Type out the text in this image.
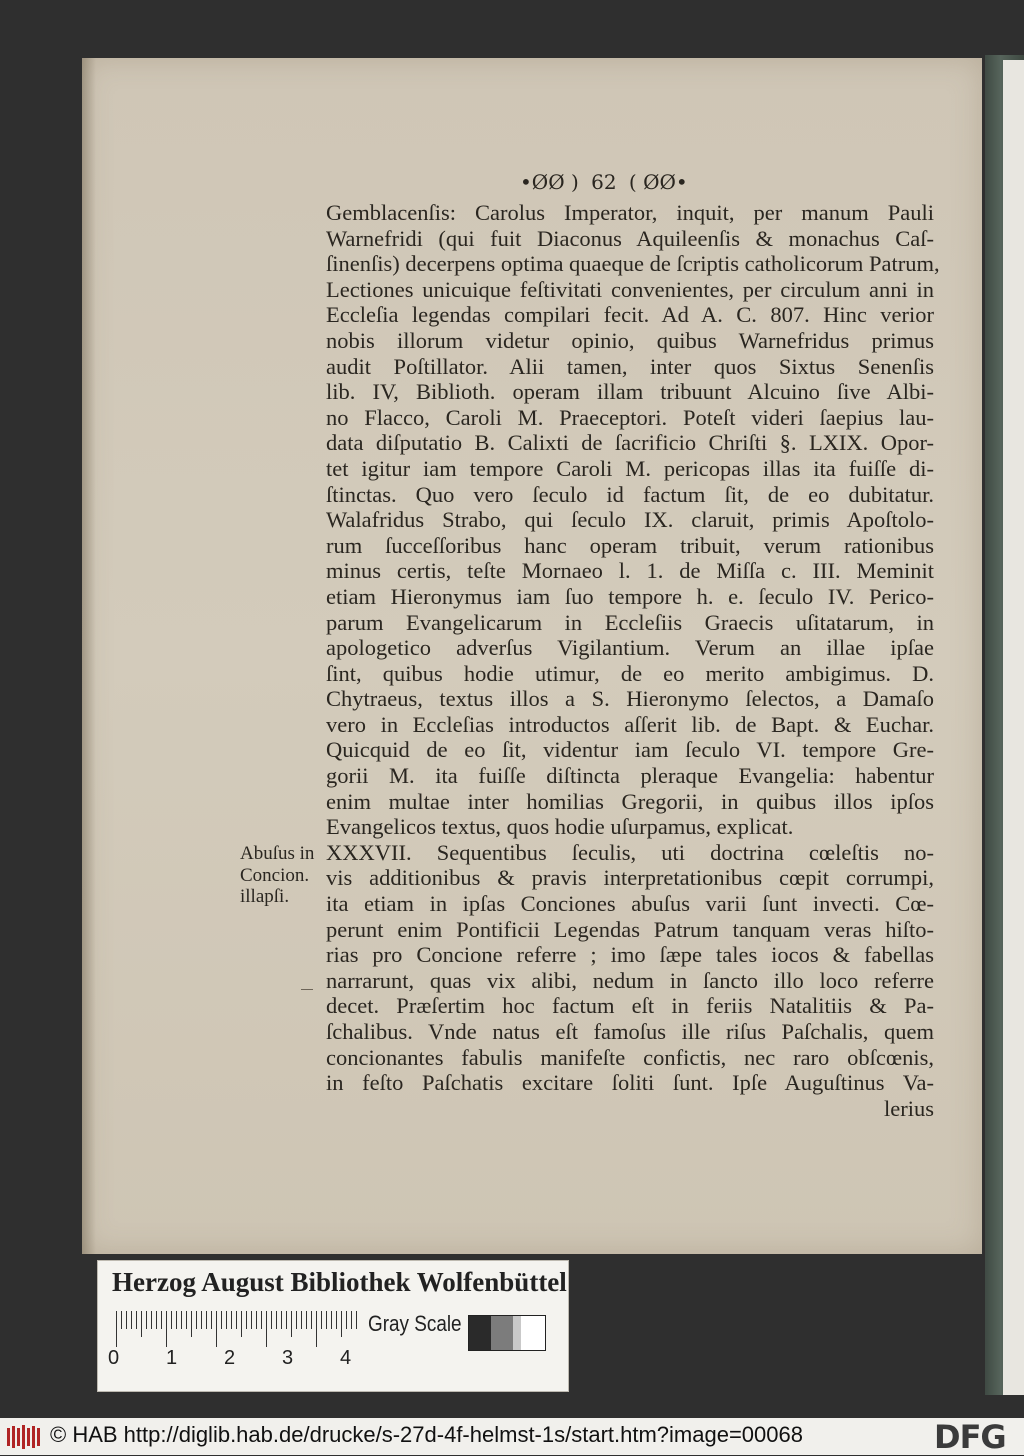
•ØØ ) 62 ( ØØ•
Gemblacenſis: Carolus Imperator, inquit, per manum Pauli
Warnefridi (qui fuit Diaconus Aquileenſis & monachus Caſ-
ſinenſis) decerpens optima quaeque de ſcriptis catholicorum Patrum,
Lectiones unicuique feſtivitati convenientes, per circulum anni in
Eccleſia legendas compilari fecit. Ad A. C. 807. Hinc verior
nobis illorum videtur opinio, quibus Warnefridus primus
audit Poſtillator. Alii tamen, inter quos Sixtus Senenſis
lib. IV, Biblioth. operam illam tribuunt Alcuino ſive Albi-
no Flacco, Caroli M. Praeceptori. Poteſt videri ſaepius lau-
data diſputatio B. Calixti de ſacrificio Chriſti §. LXIX. Opor-
tet igitur iam tempore Caroli M. pericopas illas ita fuiſſe di-
ſtinctas. Quo vero ſeculo id factum ſit, de eo dubitatur.
Walafridus Strabo, qui ſeculo IX. claruit, primis Apoſtolo-
rum ſucceſſoribus hanc operam tribuit, verum rationibus
minus certis, teſte Mornaeo l. 1. de Miſſa c. III. Meminit
etiam Hieronymus iam ſuo tempore h. e. ſeculo IV. Perico-
parum Evangelicarum in Eccleſiis Graecis uſitatarum, in
apologetico adverſus Vigilantium. Verum an illae ipſae
ſint, quibus hodie utimur, de eo merito ambigimus. D.
Chytraeus, textus illos a S. Hieronymo ſelectos, a Damaſo
vero in Eccleſias introductos aſſerit lib. de Bapt. & Euchar.
Quicquid de eo ſit, videntur iam ſeculo VI. tempore Gre-
gorii M. ita fuiſſe diſtincta pleraque Evangelia: habentur
enim multae inter homilias Gregorii, in quibus illos ipſos
Evangelicos textus, quos hodie uſurpamus, explicat.
XXXVII. Sequentibus ſeculis, uti doctrina cœleſtis no-
vis additionibus & pravis interpretationibus cœpit corrumpi,
ita etiam in ipſas Conciones abuſus varii ſunt invecti. Cœ-
perunt enim Pontificii Legendas Patrum tanquam veras hiſto-
rias pro Concione referre ; imo ſæpe tales iocos & fabellas
narrarunt, quas vix alibi, nedum in ſancto illo loco referre
decet. Præſertim hoc factum eſt in feriis Natalitiis & Pa-
ſchalibus. Vnde natus eſt famoſus ille riſus Paſchalis, quem
concionantes fabulis manifeſte confictis, nec raro obſcœnis,
in feſto Paſchatis excitare ſoliti ſunt. Ipſe Auguſtinus Va-
lerius
Abuſus in
Concion.
illapſi.
Herzog August Bibliothek Wolfenbüttel
0 1 2 3 4
Gray Scale
© HAB http://diglib.hab.de/drucke/s-27d-4f-helmst-1s/start.htm?image=00068	DFG
